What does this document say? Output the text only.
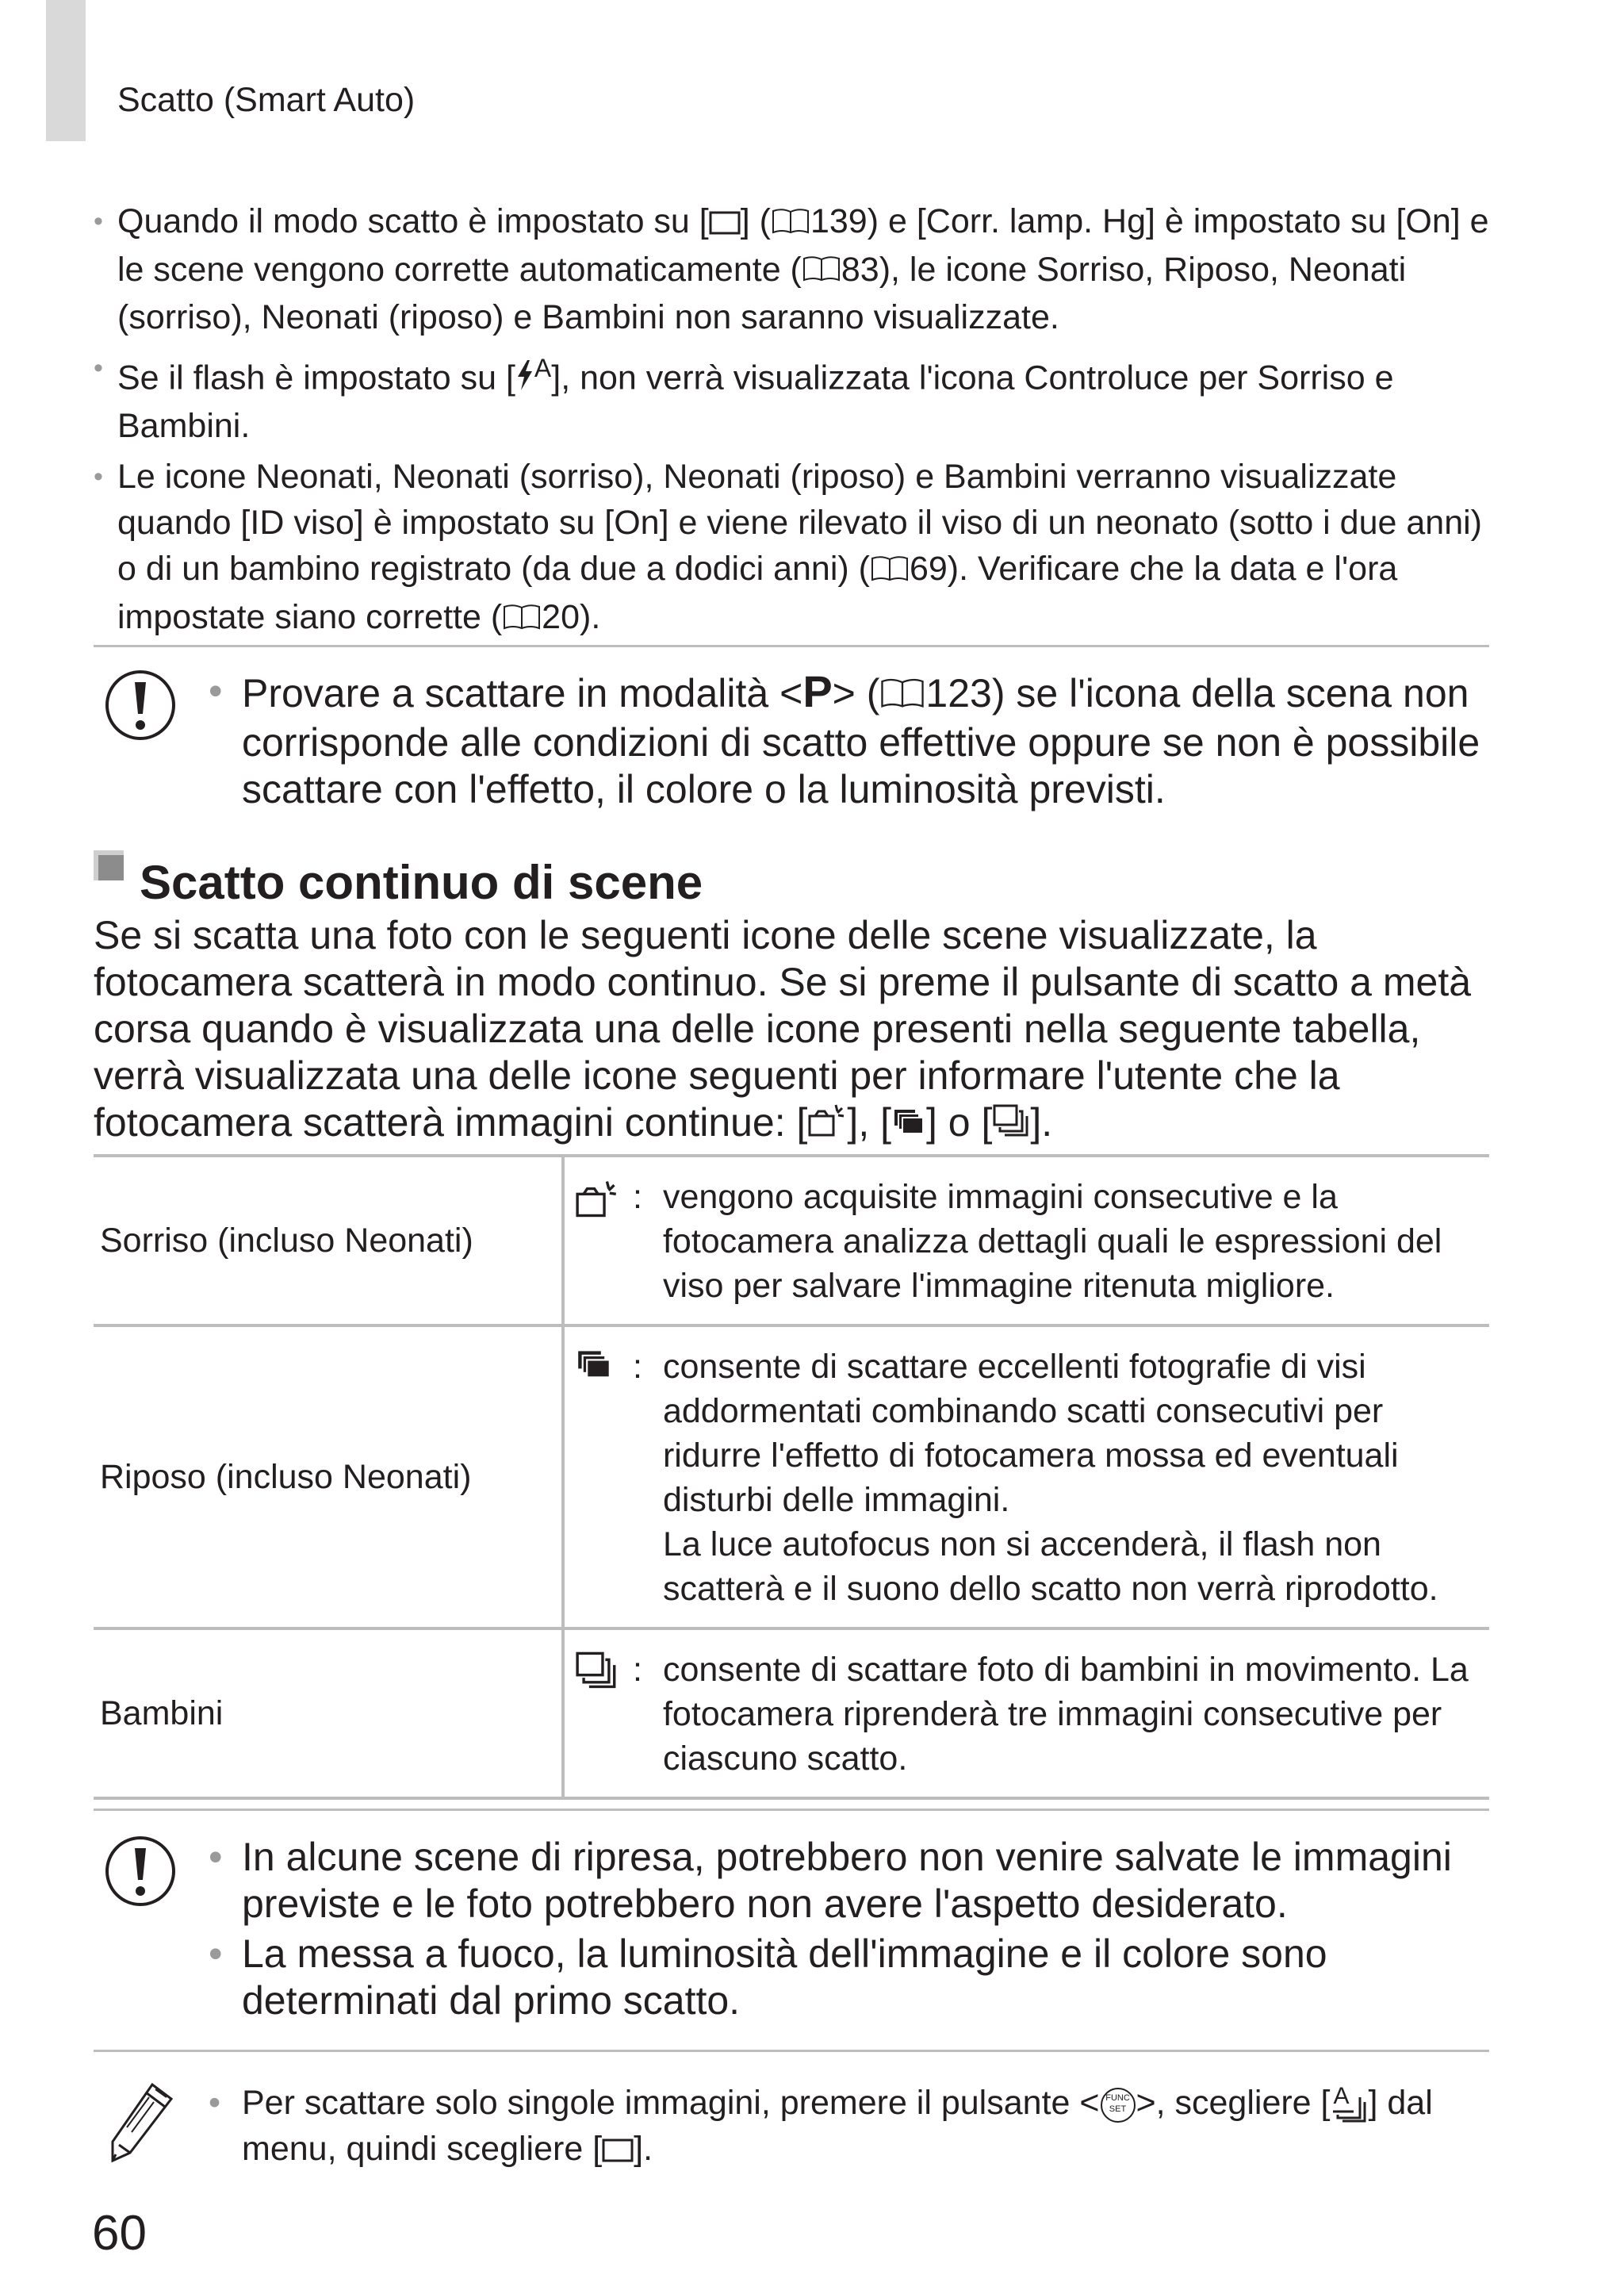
Scatto (Smart Auto)
• Quando il modo scatto è impostato su [ ] ( 139) e [Corr. lamp. Hg] è impostato su [On] e le scene vengono corrette automaticamente ( 83), le icone Sorriso, Riposo, Neonati (sorriso), Neonati (riposo) e Bambini non saranno visualizzate.
• Se il flash è impostato su [ $^A$], non verrà visualizzata l'icona Controluce per Sorriso e Bambini.
• Le icone Neonati, Neonati (sorriso), Neonati (riposo) e Bambini verranno visualizzate quando [ID viso] è impostato su [On] e viene rilevato il viso di un neonato (sotto i due anni) o di un bambino registrato (da due a dodici anni) ( 69). Verificare che la data e l'ora impostate siano corrette ( 20).
• Provare a scattare in modalità <P> ( 123) se l'icona della scena non corrisponde alle condizioni di scatto effettive oppure se non è possibile scattare con l'effetto, il colore o la luminosità previsti.
Scatto continuo di scene
Se si scatta una foto con le seguenti icone delle scene visualizzate, la fotocamera scatterà in modo continuo. Se si preme il pulsante di scatto a metà corsa quando è visualizzata una delle icone presenti nella seguente tabella, verrà visualizzata una delle icone seguenti per informare l'utente che la fotocamera scatterà immagini continue: [ ], [ ] o [ ].
Sorriso (incluso Neonati)	: vengono acquisite immagini consecutive e la fotocamera analizza dettagli quali le espressioni del viso per salvare l'immagine ritenuta migliore.

Riposo (incluso Neonati)	: consente di scattare eccellenti fotografie di visi addormentati combinando scatti consecutivi per ridurre l'effetto di fotocamera mossa ed eventuali disturbi delle immagini.
La luce autofocus non si accenderà, il flash non scatterà e il suono dello scatto non verrà riprodotto.

Bambini	: consente di scattare foto di bambini in movimento. La fotocamera riprenderà tre immagini consecutive per ciascuno scatto.
• In alcune scene di ripresa, potrebbero non venire salvate le immagini previste e le foto potrebbero non avere l'aspetto desiderato.
• La messa a fuoco, la luminosità dell'immagine e il colore sono determinati dal primo scatto.
• Per scattare solo singole immagini, premere il pulsante < FUNC
SET >, scegliere [ A ] dal menu, quindi scegliere [ ].
60
